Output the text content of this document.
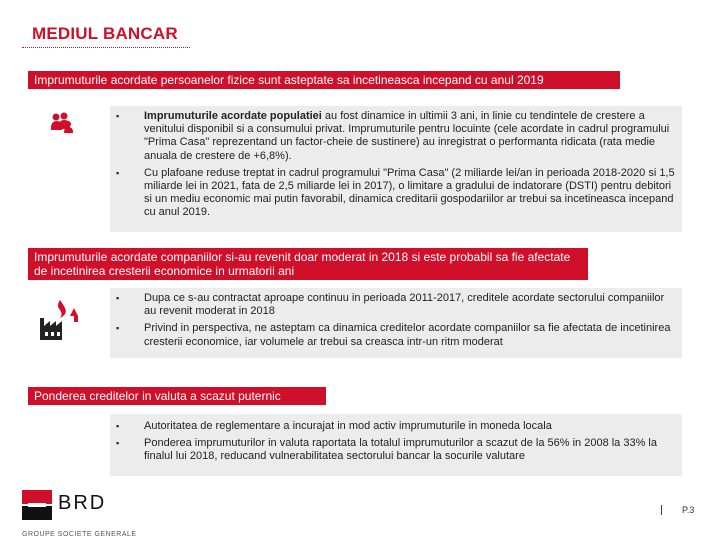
MEDIUL BANCAR
Imprumuturile acordate persoanelor fizice sunt asteptate sa incetineasca incepand cu anul 2019
▪ Imprumuturile acordate populatiei au fost dinamice in ultimii 3 ani, in linie cu tendintele de crestere a venitului disponibil si a consumului privat. Imprumuturile pentru locuinte (cele acordate in cadrul programului "Prima Casa" reprezentand un factor-cheie de sustinere) au inregistrat o performanta ridicata (rata medie anuala de crestere de +6,8%).
▪ Cu plafoane reduse treptat in cadrul programului "Prima Casa" (2 miliarde lei/an in perioada 2018-2020 si 1,5 miliarde lei in 2021, fata de 2,5 miliarde lei in 2017), o limitare a gradului de indatorare (DSTI) pentru debitori si un mediu economic mai putin favorabil, dinamica creditarii gospodariilor ar trebui sa incetineasca incepand cu anul 2019.
Imprumuturile acordate companiilor si-au revenit doar moderat in 2018 si este probabil sa fie afectate de incetinirea cresterii economice in urmatorii ani
▪ Dupa ce s-au contractat aproape continuu in perioada 2011-2017, creditele acordate sectorului companiilor au revenit moderat in 2018
▪ Privind in perspectiva, ne asteptam ca dinamica creditelor acordate companiilor sa fie afectata de incetinirea cresterii economice, iar volumele ar trebui sa creasca intr-un ritm moderat
Ponderea creditelor in valuta a scazut puternic
▪ Autoritatea de reglementare a incurajat in mod activ imprumuturile in moneda locala
▪ Ponderea imprumuturilor in valuta raportata la totalul imprumuturilor a scazut de la 56% in 2008 la 33% la finalul lui 2018, reducand vulnerabilitatea sectorului bancar la socurile valutare
BRD
GROUPE SOCIETE GENERALE
P.3
